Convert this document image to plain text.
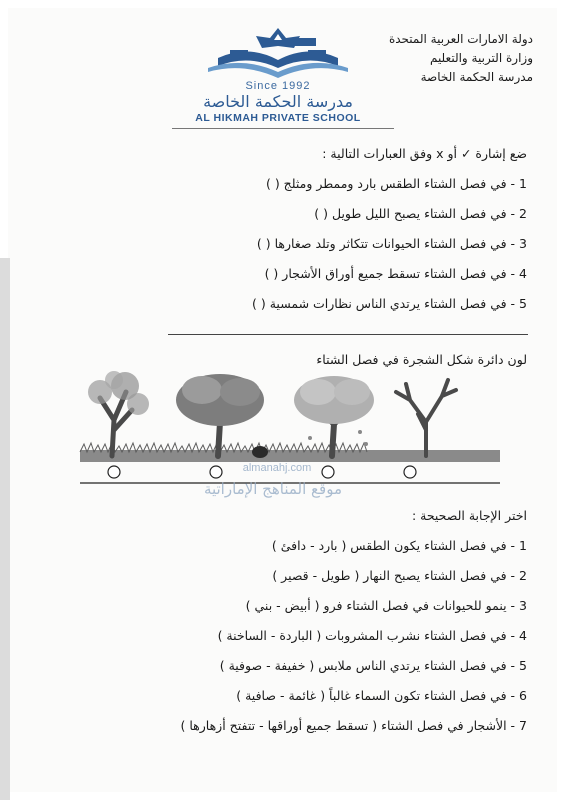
دولة الامارات العربية المتحدة
وزارة التربية والتعليم
مدرسة الحكمة الخاصة
Since 1992
مدرسة الحكمة الخاصة
AL HIKMAH PRIVATE SCHOOL
ضع إشارة ✓ أو x وفق العبارات التالية :
1 - في فصل الشتاء الطقس بارد وممطر ومثلج ( )
2 - في فصل الشتاء يصبح الليل طويل ( )
3 - في فصل الشتاء الحيوانات تتكاثر وتلد صغارها ( )
4 - في فصل الشتاء تسقط جميع أوراق الأشجار ( )
5 - في فصل الشتاء يرتدي الناس نظارات شمسية ( )
لون دائرة شكل الشجرة في فصل الشتاء
almanahj.com
موقع المناهج الإماراتية
اختر الإجابة الصحيحة :
1 - في فصل الشتاء يكون الطقس ( بارد - دافئ )
2 - في فصل الشتاء يصبح النهار ( طويل - قصير )
3 - ينمو للحيوانات في فصل الشتاء فرو ( أبيض - بني )
4 - في فصل الشتاء نشرب المشروبات ( الباردة - الساخنة )
5 - في فصل الشتاء يرتدي الناس ملابس ( خفيفة - صوفية )
6 - في فصل الشتاء تكون السماء غالباً ( غائمة - صافية )
7 - الأشجار في فصل الشتاء ( تسقط جميع أوراقها - تتفتح أزهارها )
